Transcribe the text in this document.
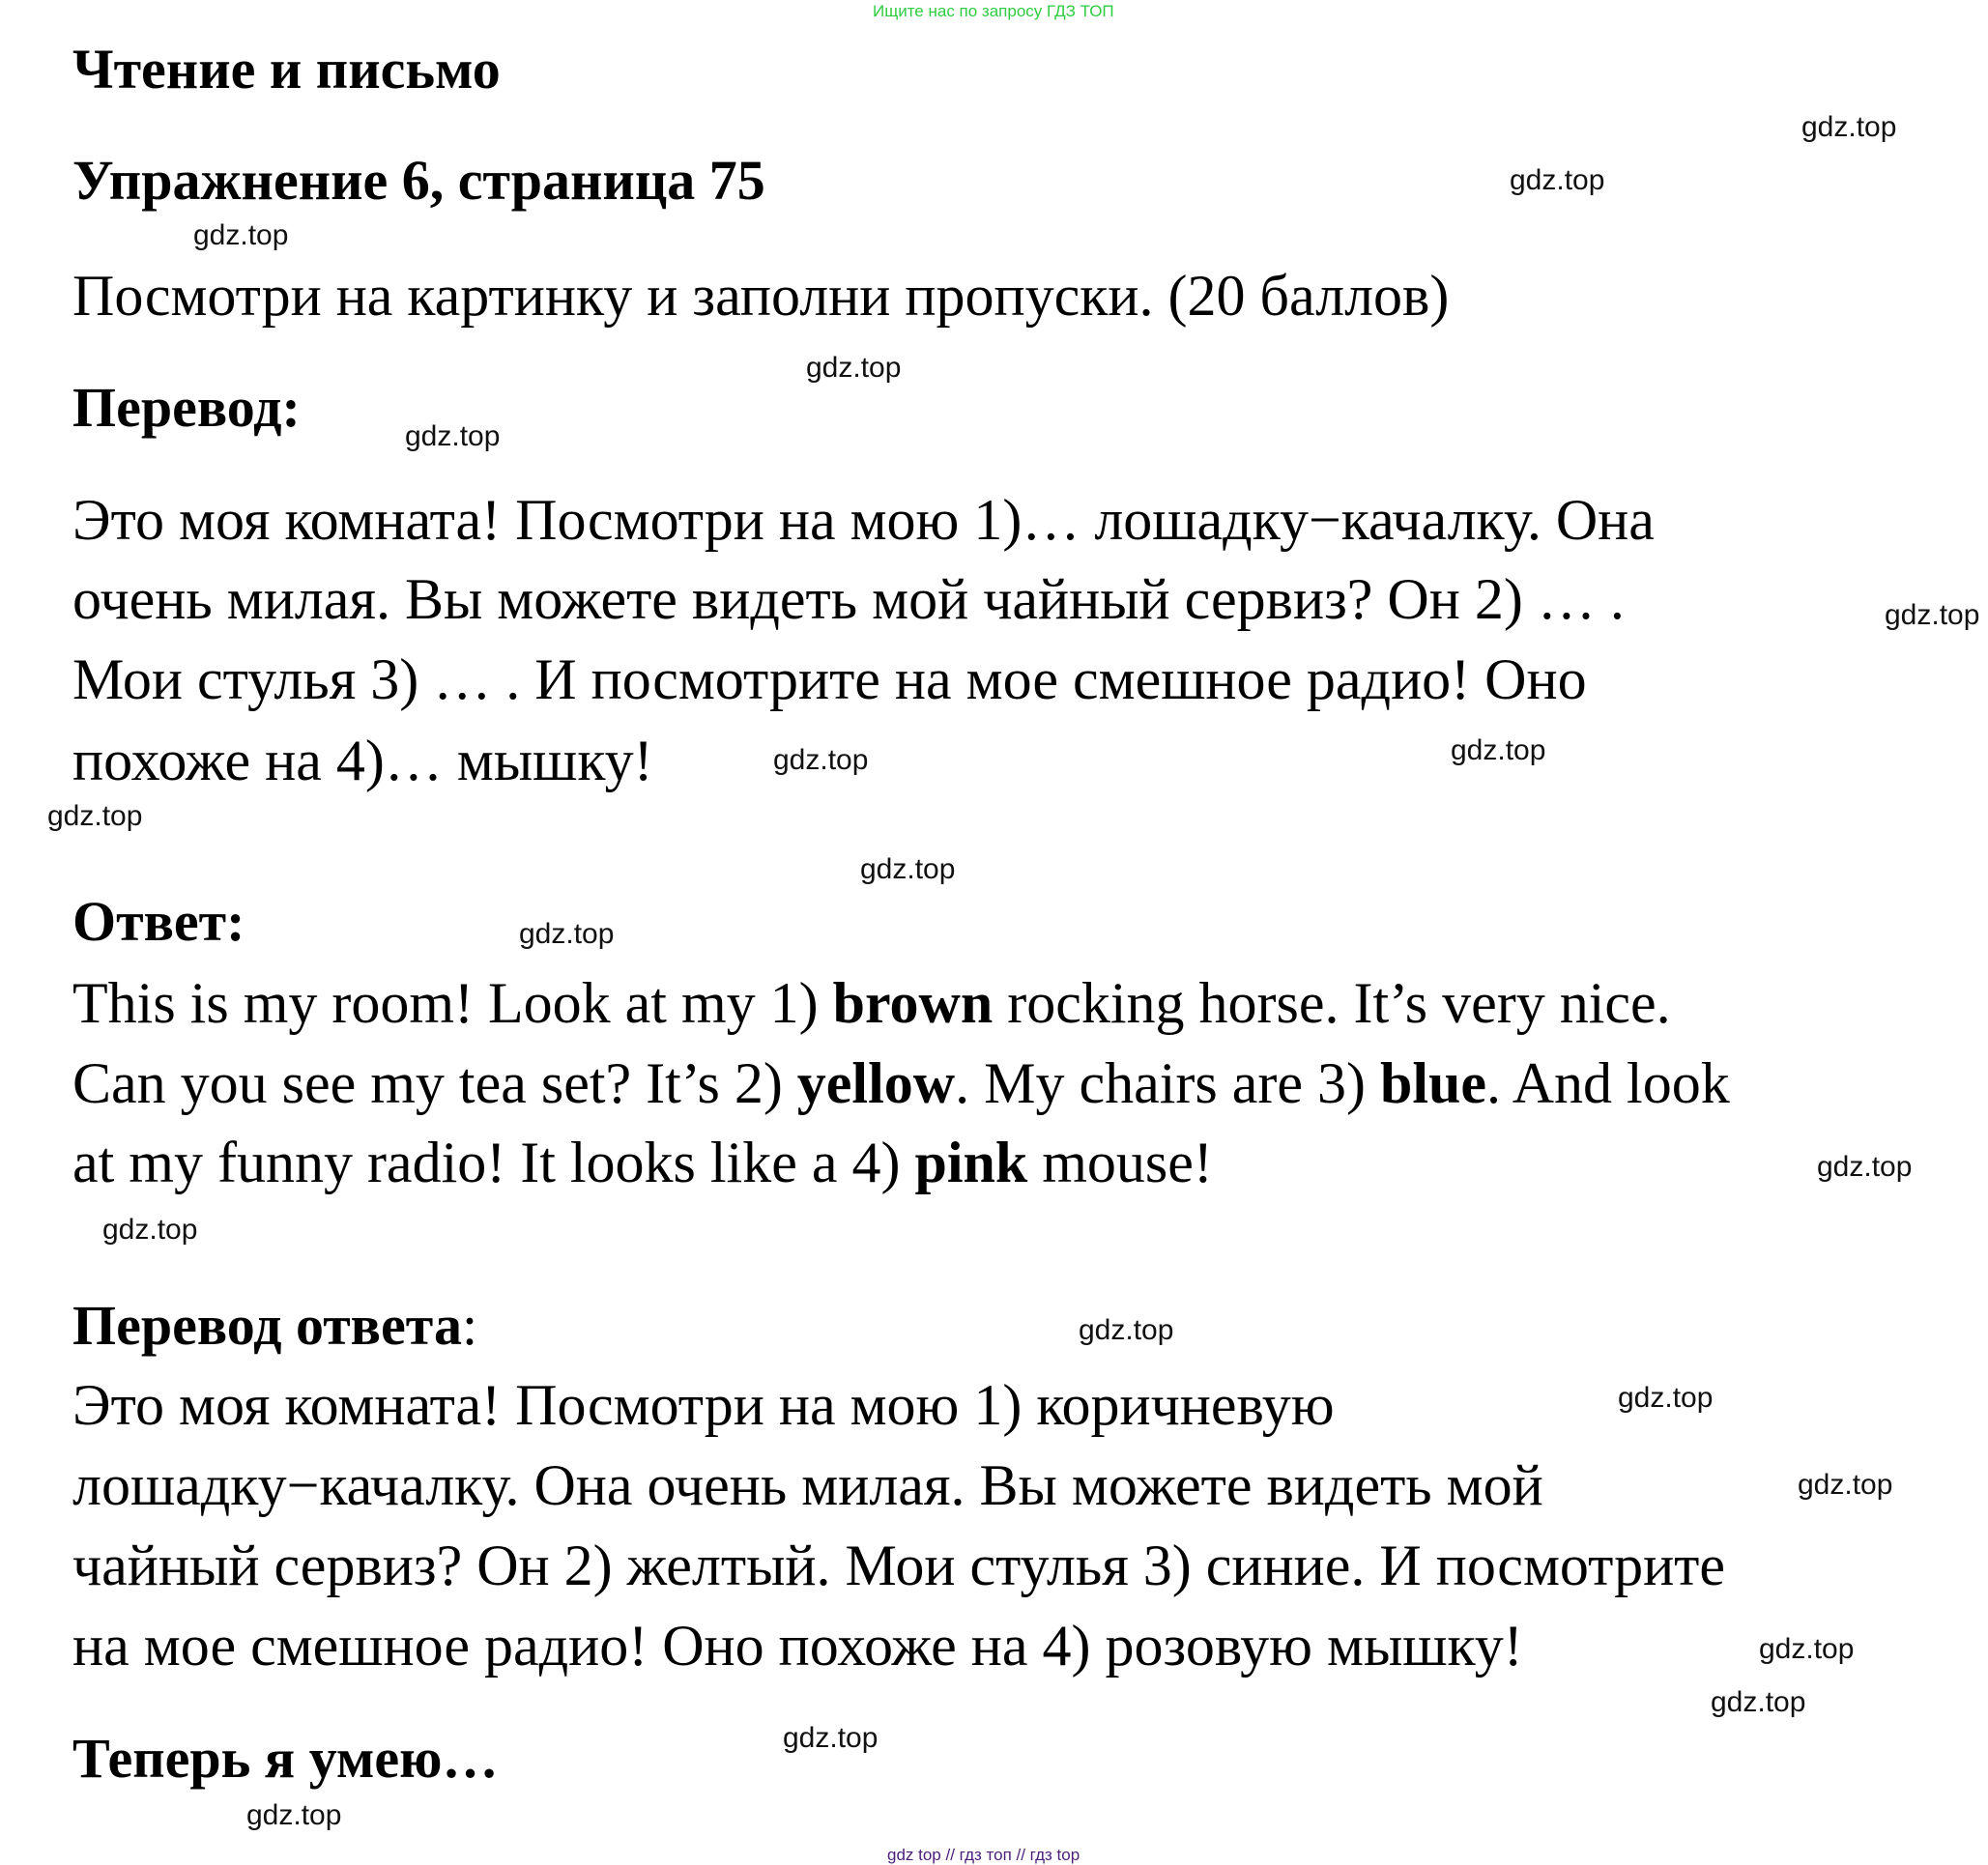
Ищите нас по запросу ГДЗ ТОП
Чтение и письмо
Упражнение 6, страница 75
Посмотри на картинку и заполни пропуски. (20 баллов)
Перевод:
Это моя комната! Посмотри на мою 1)… лошадку−качалку. Она
очень милая. Вы можете видеть мой чайный сервиз? Он 2) … .
Мои стулья 3) … . И посмотрите на мое смешное радио! Оно
похоже на 4)… мышку!
Ответ:
This is my room! Look at my 1) brown rocking horse. It’s very nice.
Can you see my tea set? It’s 2) yellow. My chairs are 3) blue. And look
at my funny radio! It looks like a 4) pink mouse!
Перевод ответа:
Это моя комната! Посмотри на мою 1) коричневую
лошадку−качалку. Она очень милая. Вы можете видеть мой
чайный сервиз? Он 2) желтый. Мои стулья 3) синие. И посмотрите
на мое смешное радио! Оно похоже на 4) розовую мышку!
Теперь я умею…
gdz.top
gdz.top
gdz.top
gdz.top
gdz.top
gdz.top
gdz.top	gdz.top
gdz.top
gdz.top
gdz.top
gdz.top
gdz.top
gdz.top
gdz.top
gdz.top
gdz.top
gdz.top
gdz.top
gdz.top
gdz top // гдз топ // гдз top
